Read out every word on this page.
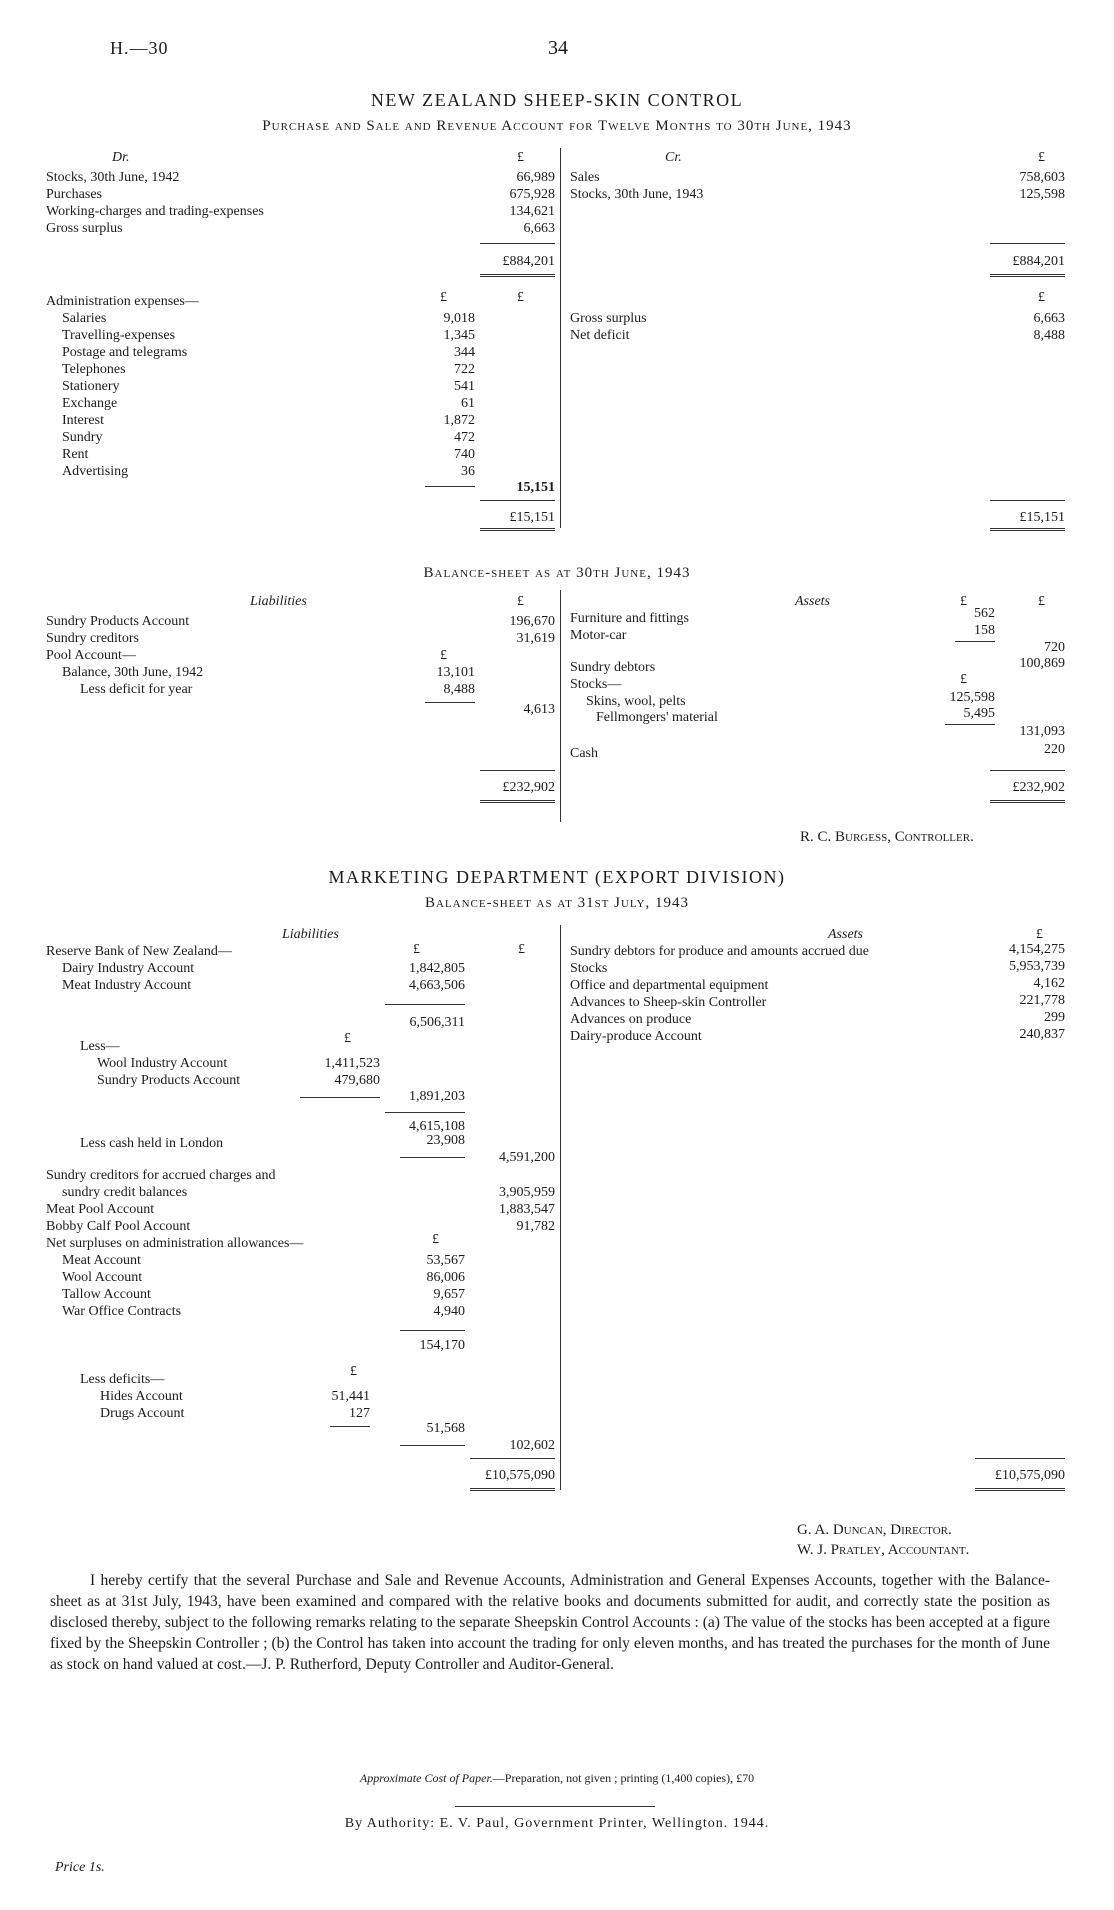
H.—30	34
NEW ZEALAND SHEEP-SKIN CONTROL
Purchase and Sale and Revenue Account for Twelve Months to 30th June, 1943
Dr.	£	Cr.	£
Stocks, 30th June, 1942	66,989
Purchases	675,928
Working-charges and trading-expenses	134,621
Gross surplus	6,663
£884,201
Sales	758,603
Stocks, 30th June, 1943	125,598
£884,201
Administration expenses—	£	£
Salaries	9,018
Travelling-expenses	1,345
Postage and telegrams	344
Telephones	722
Stationery	541
Exchange	61
Interest	1,872
Sundry	472
Rent	740
Advertising	36
15,151
£15,151
£
Gross surplus	6,663
Net deficit	8,488
£15,151
Balance-sheet as at 30th June, 1943
Liabilities	£	Assets	£	£
Sundry Products Account	196,670
Sundry creditors	31,619
Pool Account—	£
Balance, 30th June, 1942	13,101
Less deficit for year	8,488
4,613
£232,902
Furniture and fittings	562
Motor-car	158
720
Sundry debtors	100,869
Stocks—	£
Skins, wool, pelts	125,598
Fellmongers' material	5,495
131,093
Cash	220
£232,902
R. C. Burgess, Controller.
MARKETING DEPARTMENT (EXPORT DIVISION)
Balance-sheet as at 31st July, 1943
Liabilities	Assets
£	£
£
Reserve Bank of New Zealand—
Dairy Industry Account	1,842,805
Meat Industry Account	4,663,506
6,506,311
Less—
£
Wool Industry Account	1,411,523
Sundry Products Account	479,680
1,891,203
4,615,108
Less cash held in London	23,908
4,591,200
Sundry creditors for accrued charges and
sundry credit balances	3,905,959
Meat Pool Account	1,883,547
Bobby Calf Pool Account	91,782
Net surpluses on administration allowances—	£
Meat Account	53,567
Wool Account	86,006
Tallow Account	9,657
War Office Contracts	4,940
154,170
Less deficits—
£
Hides Account	51,441
Drugs Account	127
51,568
102,602
£10,575,090
Sundry debtors for produce and amounts accrued due	4,154,275
Stocks	5,953,739
Office and departmental equipment	4,162
Advances to Sheep-skin Controller	221,778
Advances on produce	299
Dairy-produce Account	240,837
£10,575,090
G. A. Duncan, Director.
W. J. Pratley, Accountant.

I hereby certify that the several Purchase and Sale and Revenue Accounts, Administration and General Expenses Accounts, together with the Balance-sheet as at 31st July, 1943, have been examined and compared with the relative books and documents submitted for audit, and correctly state the position as disclosed thereby, subject to the following remarks relating to the separate Sheepskin Control Accounts : (a) The value of the stocks has been accepted at a figure fixed by the Sheepskin Controller ; (b) the Control has taken into account the trading for only eleven months, and has treated the purchases for the month of June as stock on hand valued at cost.—J. P. Rutherford, Deputy Controller and Auditor-General.

Approximate Cost of Paper.—Preparation, not given ; printing (1,400 copies), £70
By Authority: E. V. Paul, Government Printer, Wellington. 1944.
Price 1s.
